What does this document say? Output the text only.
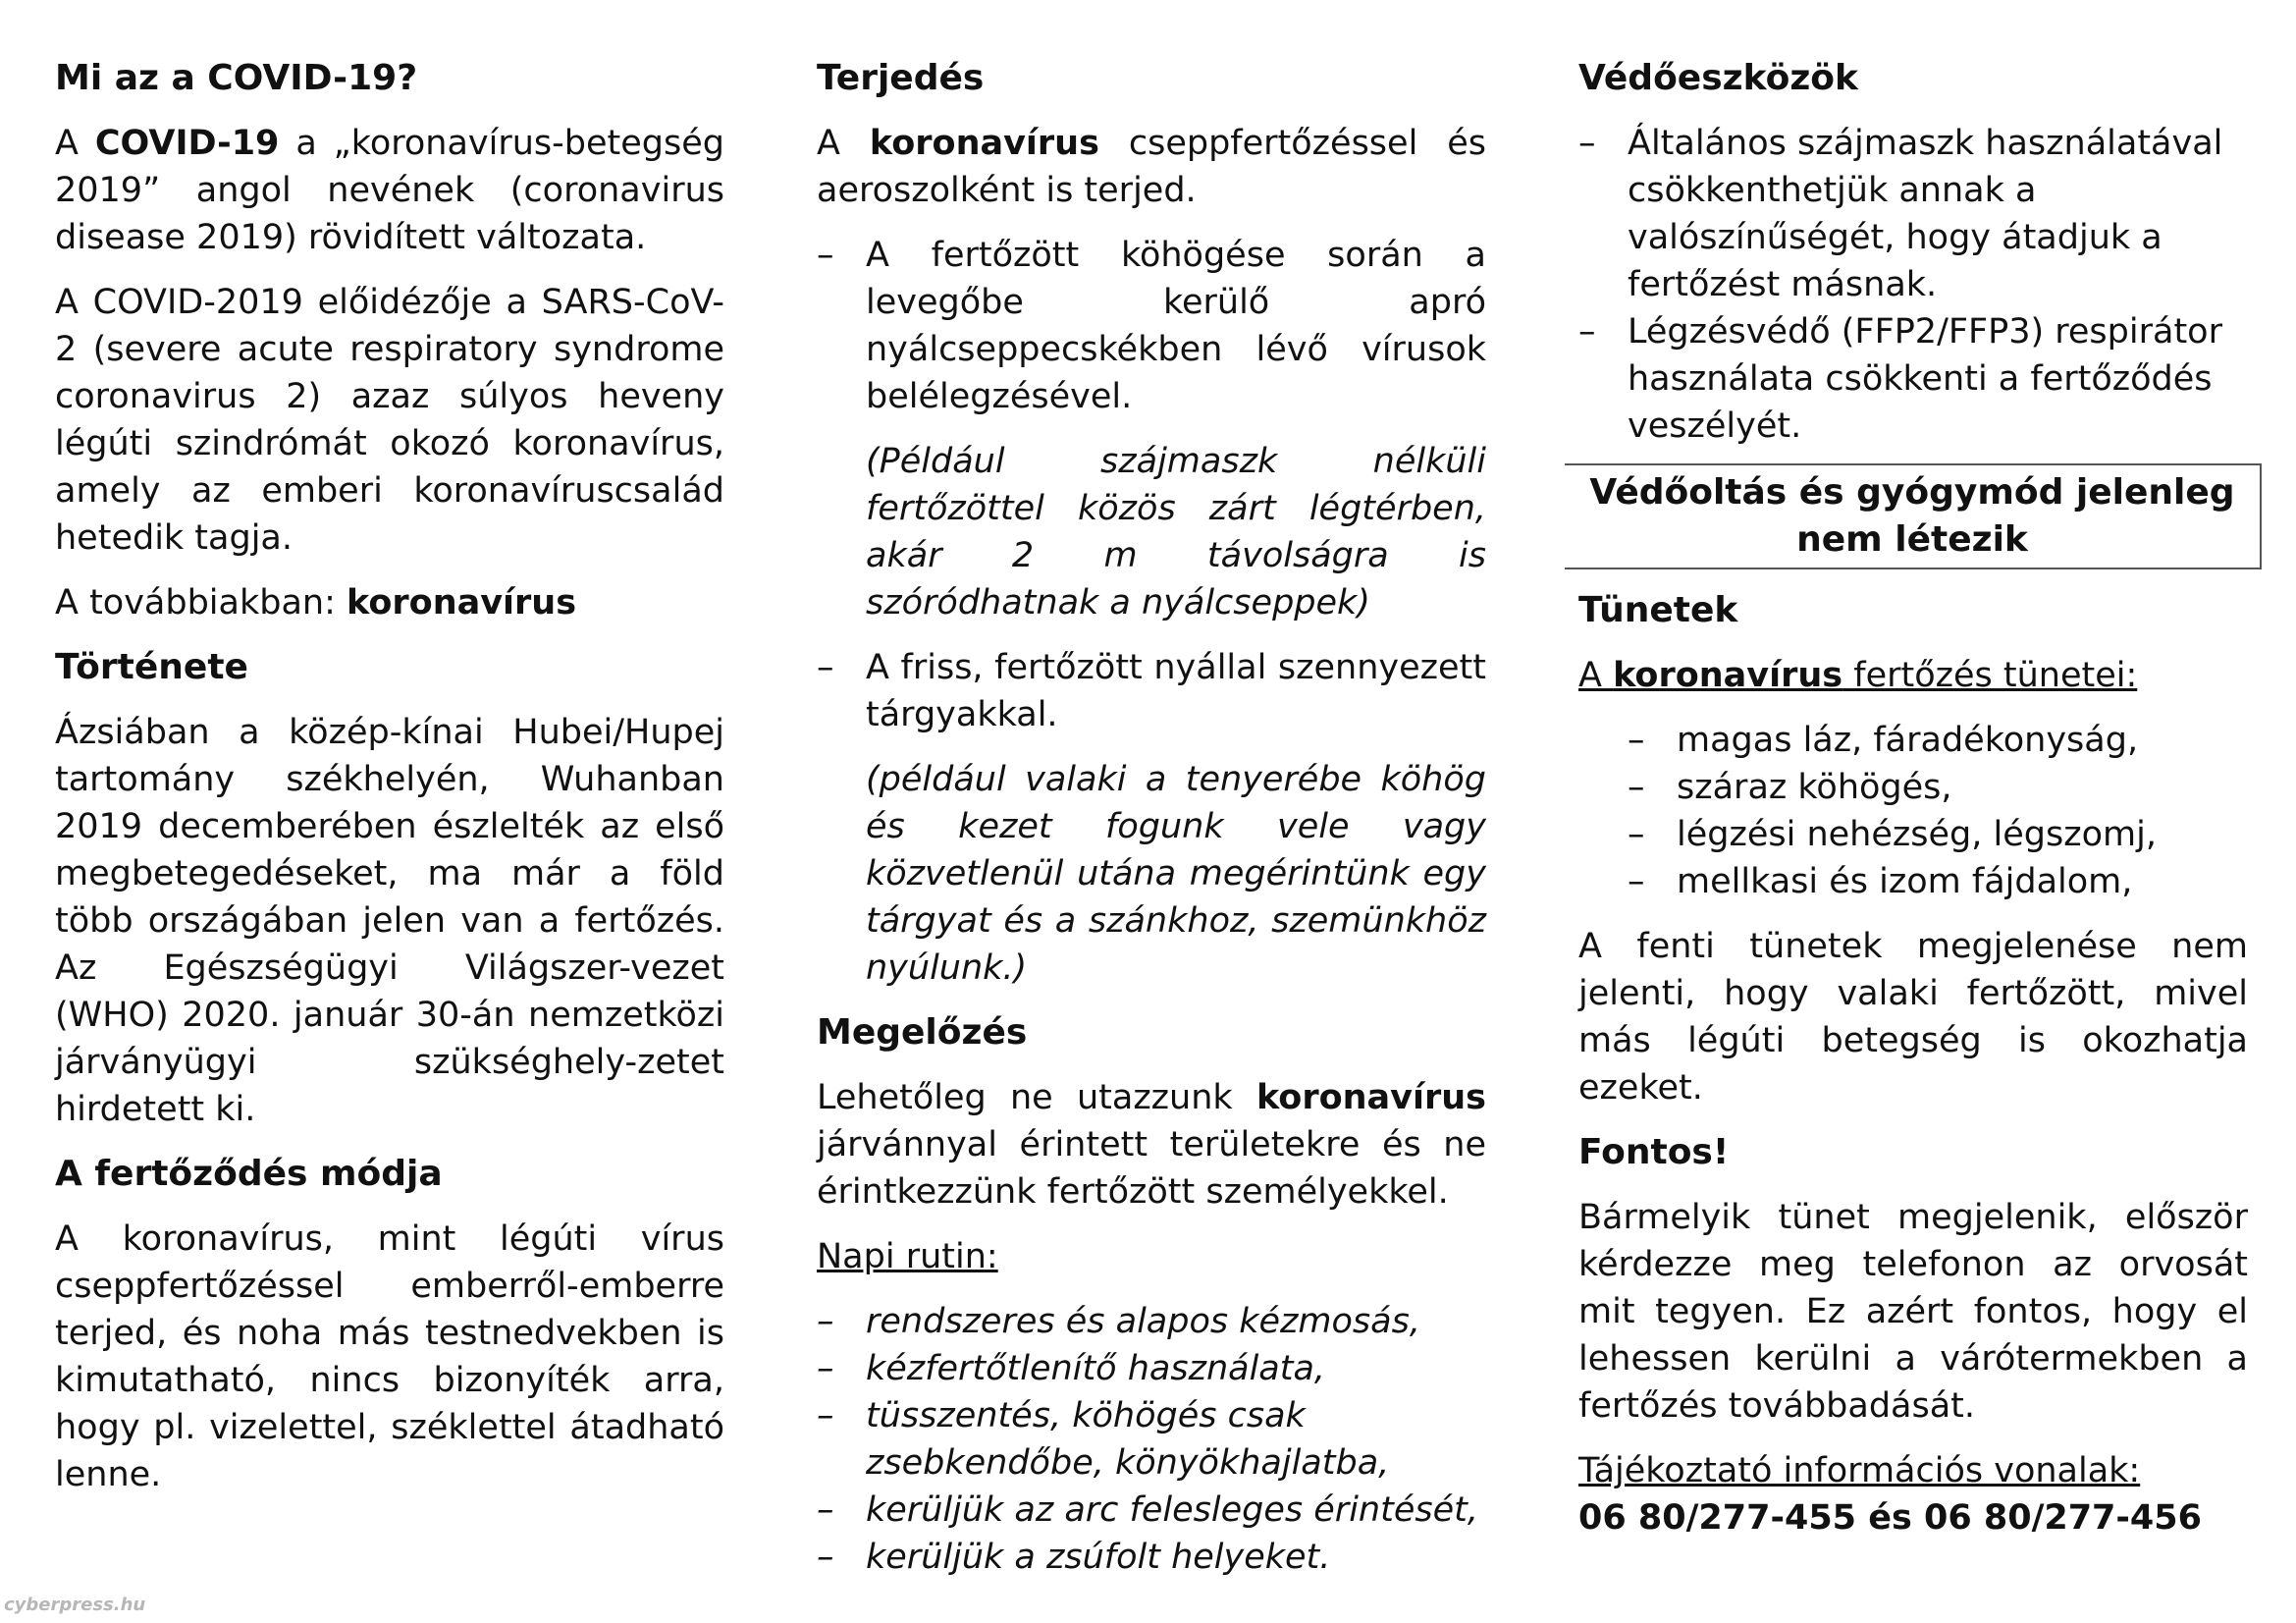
Mi az a COVID-19?

A COVID-19 a „koronavírus-betegség 2019” angol nevének (coronavirus disease 2019) rövidített változata.

A COVID-2019 előidézője a SARS-CoV-2 (severe acute respiratory syndrome coronavirus 2) azaz súlyos heveny légúti szindrómát okozó koronavírus, amely az emberi koronavíruscsalád hetedik tagja.

A továbbiakban: koronavírus

Története

Ázsiában a közép-kínai Hubei/Hupej tartomány székhelyén, Wuhanban 2019 decemberében észlelték az első megbetegedéseket, ma már a föld több országában jelen van a fertőzés. Az Egészségügyi Világszer-vezet (WHO) 2020. január 30-án nemzetközi járványügyi szükséghely-zetet hirdetett ki.

A fertőződés módja

A koronavírus, mint légúti vírus cseppfertőzéssel emberről-emberre terjed, és noha más testnedvekben is kimutatható, nincs bizonyíték arra, hogy pl. vizelettel, széklettel átadható lenne.

Terjedés

A koronavírus cseppfertőzéssel és aeroszolként is terjed.

– A fertőzött köhögése során a levegőbe kerülő apró nyálcseppecskékben lévő vírusok belélegzésével.

(Például szájmaszk nélküli fertőzöttel közös zárt légtérben, akár 2 m távolságra is szóródhatnak a nyálcseppek)

– A friss, fertőzött nyállal szennyezett tárgyakkal.

(például valaki a tenyerébe köhög és kezet fogunk vele vagy közvetlenül utána megérintünk egy tárgyat és a szánkhoz, szemünkhöz nyúlunk.)

Megelőzés

Lehetőleg ne utazzunk koronavírus járvánnyal érintett területekre és ne érintkezzünk fertőzött személyekkel.

Napi rutin:

– rendszeres és alapos kézmosás,

– kézfertőtlenítő használata,

– tüsszentés, köhögés csak zsebkendőbe, könyökhajlatba,

– kerüljük az arc felesleges érintését,

– kerüljük a zsúfolt helyeket.

Védőeszközök

– Általános szájmaszk használatával csökkenthetjük annak a valószínűségét, hogy átadjuk a fertőzést másnak.

– Légzésvédő (FFP2/FFP3) respirátor használata csökkenti a fertőződés veszélyét.

Védőoltás és gyógymód jelenleg nem létezik

Tünetek

A koronavírus fertőzés tünetei:

– magas láz, fáradékonyság,

– száraz köhögés,

– légzési nehézség, légszomj,

– mellkasi és izom fájdalom,

A fenti tünetek megjelenése nem jelenti, hogy valaki fertőzött, mivel más légúti betegség is okozhatja ezeket.

Fontos!

Bármelyik tünet megjelenik, először kérdezze meg telefonon az orvosát mit tegyen. Ez azért fontos, hogy el lehessen kerülni a várótermekben a fertőzés továbbadását.

Tájékoztató információs vonalak:

06 80/277-455 és 06 80/277-456

cyberpress.hu
